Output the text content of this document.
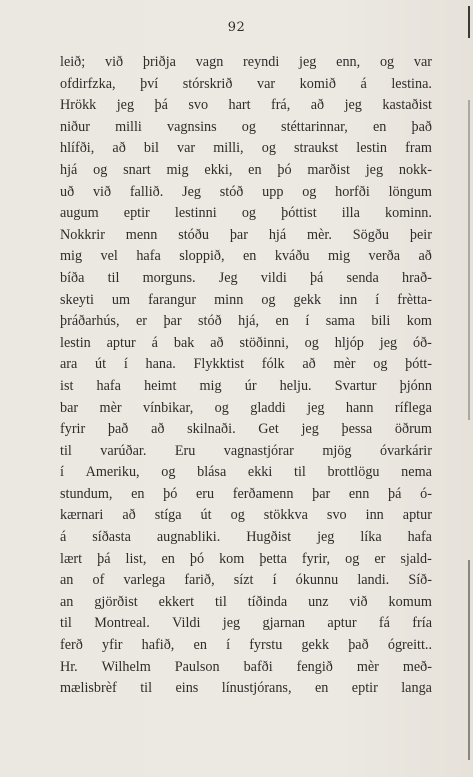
92
leið; við þriðja vagn reyndi jeg enn, og var
ofdirfzka, því stórskrið var komið á lestina.
Hrökk jeg þá svo hart frá, að jeg kastaðist
niður milli vagnsins og stéttarinnar, en það
hlífði, að bil var milli, og straukst lestin fram
hjá og snart mig ekki, en þó marðist jeg nokk-
uð við fallið. Jeg stóð upp og horfði löngum
augum eptir lestinni og þóttist illa kominn.
Nokkrir menn stóðu þar hjá mèr. Sögðu þeir
mig vel hafa sloppið, en kváðu mig verða að
bíða til morguns. Jeg vildi þá senda hrað-
skeyti um farangur minn og gekk inn í frètta-
þráðarhús, er þar stóð hjá, en í sama bili kom
lestin aptur á bak að stöðinni, og hljóp jeg óð-
ara út í hana. Flykktist fólk að mèr og þótt-
ist hafa heimt mig úr helju. Svartur þjónn
bar mèr vínbikar, og gladdi jeg hann ríflega
fyrir það að skilnaði. Get jeg þessa öðrum
til varúðar. Eru vagnastjórar mjög óvarkárir
í Ameriku, og blása ekki til brottlögu nema
stundum, en þó eru ferðamenn þar enn þá ó-
kærnari að stíga út og stökkva svo inn aptur
á síðasta augnabliki. Hugðist jeg líka hafa
lært þá list, en þó kom þetta fyrir, og er sjald-
an of varlega farið, sízt í ókunnu landi. Síð-
an gjörðist ekkert til tíðinda unz við komum
til Montreal. Vildi jeg gjarnan aptur fá fría
ferð yfir hafið, en í fyrstu gekk það ógreitt..
Hr. Wilhelm Paulson bafði fengið mèr með-
mælisbrèf til eins línustjórans, en eptir langa
